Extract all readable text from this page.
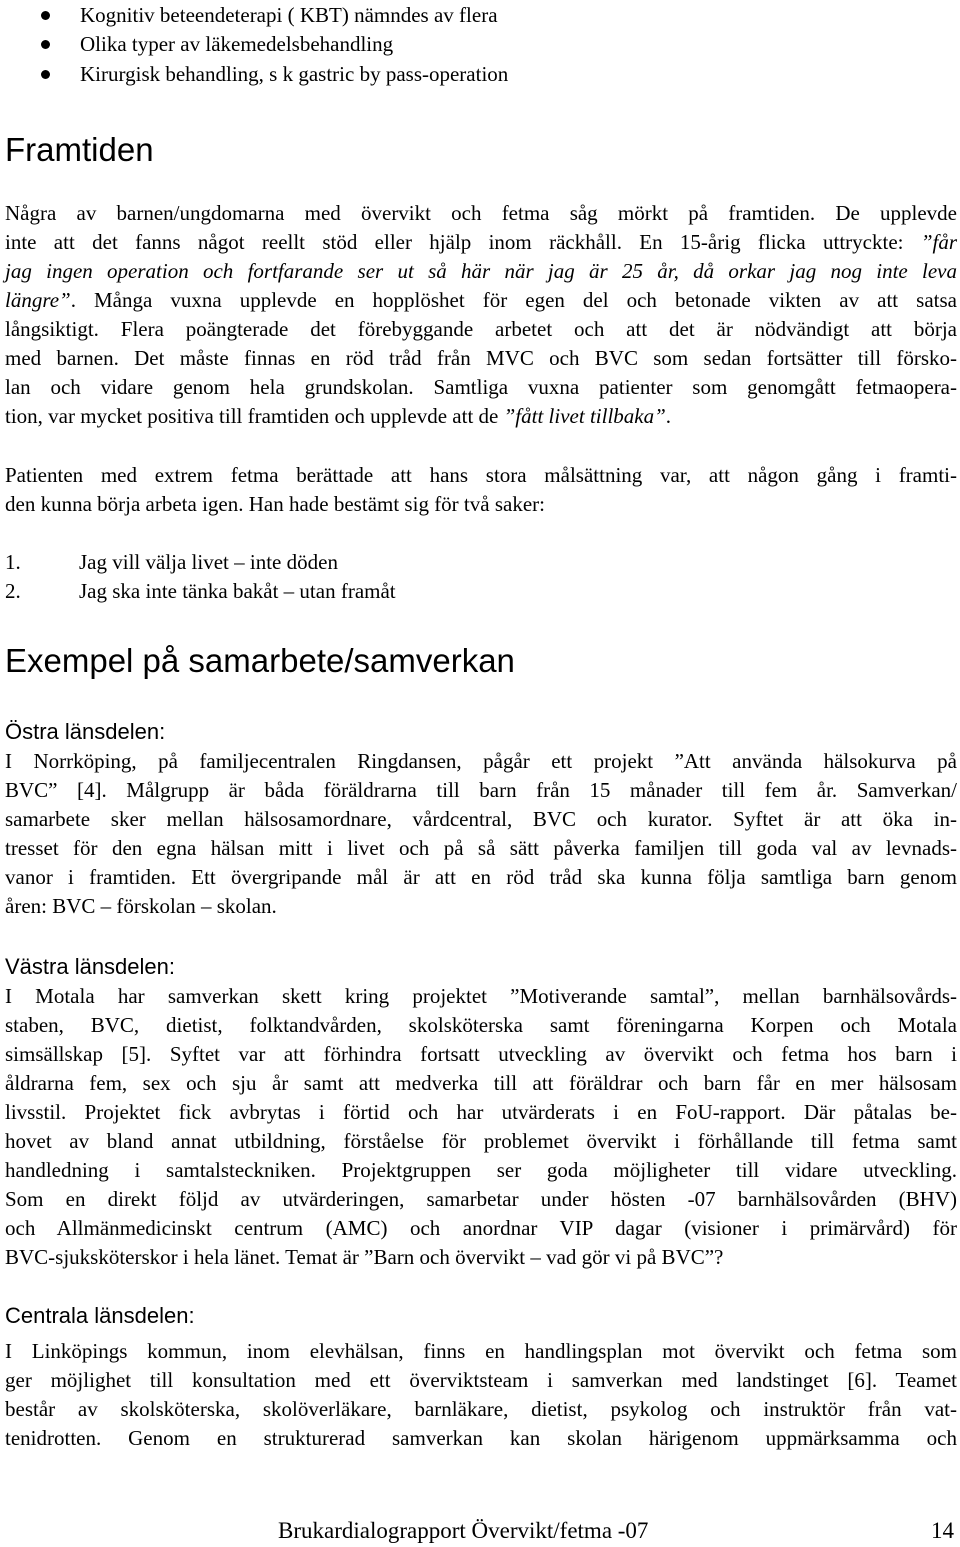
Kognitiv beteendeterapi ( KBT) nämndes av flera
Olika typer av läkemedelsbehandling
Kirurgisk behandling, s k gastric by pass-operation
Framtiden
Några av barnen/ungdomarna med övervikt och fetma såg mörkt på framtiden. De upplevde
inte att det fanns något reellt stöd eller hjälp inom räckhåll. En 15-årig flicka uttryckte: ”får
jag ingen operation och fortfarande ser ut så här när jag är 25 år, då orkar jag nog inte leva
längre”. Många vuxna upplevde en hopplöshet för egen del och betonade vikten av att satsa
långsiktigt. Flera poängterade det förebyggande arbetet och att det är nödvändigt att börja
med barnen. Det måste finnas en röd tråd från MVC och BVC som sedan fortsätter till försko-
lan och vidare genom hela grundskolan. Samtliga vuxna patienter som genomgått fetmaopera-
tion, var mycket positiva till framtiden och upplevde att de ”fått livet tillbaka”.
Patienten med extrem fetma berättade att hans stora målsättning var, att någon gång i framti-
den kunna börja arbeta igen. Han hade bestämt sig för två saker:
1.	Jag vill välja livet – inte döden
2.	Jag ska inte tänka bakåt – utan framåt
Exempel på samarbete/samverkan
Östra länsdelen:
I Norrköping, på familjecentralen Ringdansen, pågår ett projekt ”Att använda hälsokurva på
BVC” [4]. Målgrupp är båda föräldrarna till barn från 15 månader till fem år. Samverkan/
samarbete sker mellan hälsosamordnare, vårdcentral, BVC och kurator. Syftet är att öka in-
tresset för den egna hälsan mitt i livet och på så sätt påverka familjen till goda val av levnads-
vanor i framtiden. Ett övergripande mål är att en röd tråd ska kunna följa samtliga barn genom
åren: BVC – förskolan – skolan.
Västra länsdelen:
I Motala har samverkan skett kring projektet ”Motiverande samtal”, mellan barnhälsovårds-
staben, BVC, dietist, folktandvården, skolsköterska samt föreningarna Korpen och Motala
simsällskap [5]. Syftet var att förhindra fortsatt utveckling av övervikt och fetma hos barn i
åldrarna fem, sex och sju år samt att medverka till att föräldrar och barn får en mer hälsosam
livsstil. Projektet fick avbrytas i förtid och har utvärderats i en FoU-rapport. Där påtalas be-
hovet av bland annat utbildning, förståelse för problemet övervikt i förhållande till fetma samt
handledning i samtalsteckniken. Projektgruppen ser goda möjligheter till vidare utveckling.
Som en direkt följd av utvärderingen, samarbetar under hösten -07 barnhälsovården (BHV)
och Allmänmedicinskt centrum (AMC) och anordnar VIP dagar (visioner i primärvård) för
BVC-sjuksköterskor i hela länet. Temat är ”Barn och övervikt – vad gör vi på BVC”?
Centrala länsdelen:
I Linköpings kommun, inom elevhälsan, finns en handlingsplan mot övervikt och fetma som
ger möjlighet till konsultation med ett överviktsteam i samverkan med landstinget [6]. Teamet
består av skolsköterska, skolöverläkare, barnläkare, dietist, psykolog och instruktör från vat-
tenidrotten. Genom en strukturerad samverkan kan skolan härigenom uppmärksamma och
Brukardialograpport Övervikt/fetma -07	14
